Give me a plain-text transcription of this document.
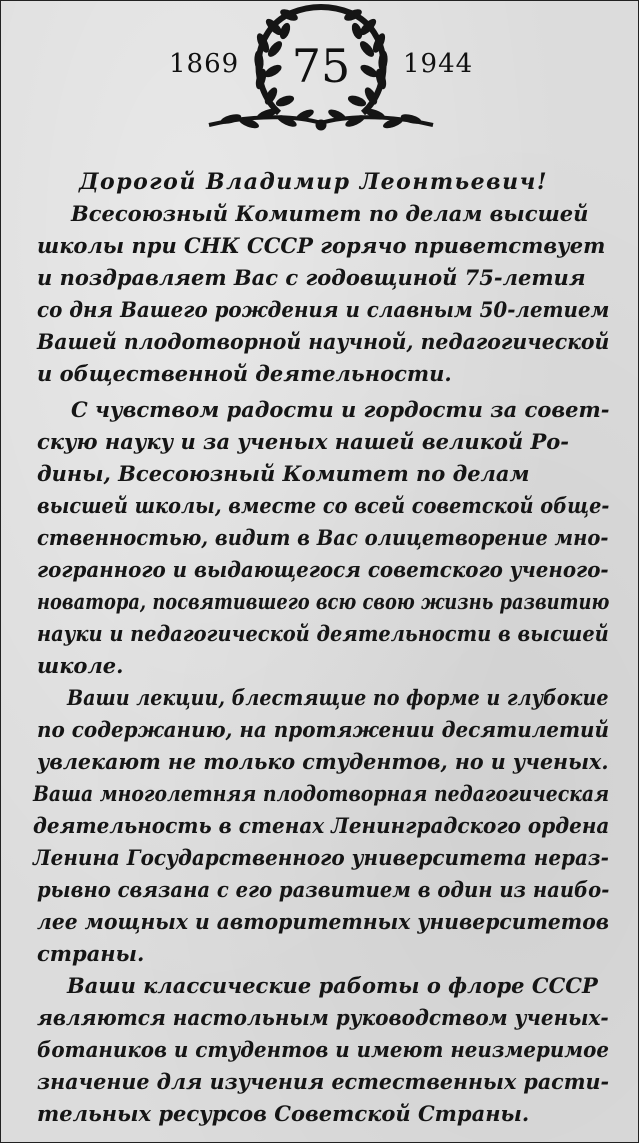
1869	75	1944
Дорогой Владимир Леонтьевич!
Всесоюзный Комитет по делам высшей
школы при СНК СССР горячо приветствует
и поздравляет Вас с годовщиной 75-летия
со дня Вашего рождения и славным 50-летием
Вашей плодотворной научной, педагогической
и общественной деятельности.
С чувством радости и гордости за совет-
скую науку и за ученых нашей великой Ро-
дины, Всесоюзный Комитет по делам
высшей школы, вместе со всей советской обще-
ственностью, видит в Вас олицетворение мно-
гогранного и выдающегося советского ученого-
новатора, посвятившего всю свою жизнь развитию
науки и педагогической деятельности в высшей
школе.
Ваши лекции, блестящие по форме и глубокие
по содержанию, на протяжении десятилетий
увлекают не только студентов, но и ученых.
Ваша многолетняя плодотворная педагогическая
деятельность в стенах Ленинградского ордена
Ленина Государственного университета нераз-
рывно связана с его развитием в один из наибо-
лее мощных и авторитетных университетов
страны.
Ваши классические работы о флоре СССР
являются настольным руководством ученых-
ботаников и студентов и имеют неизмеримое
значение для изучения естественных расти-
тельных ресурсов Советской Страны.
